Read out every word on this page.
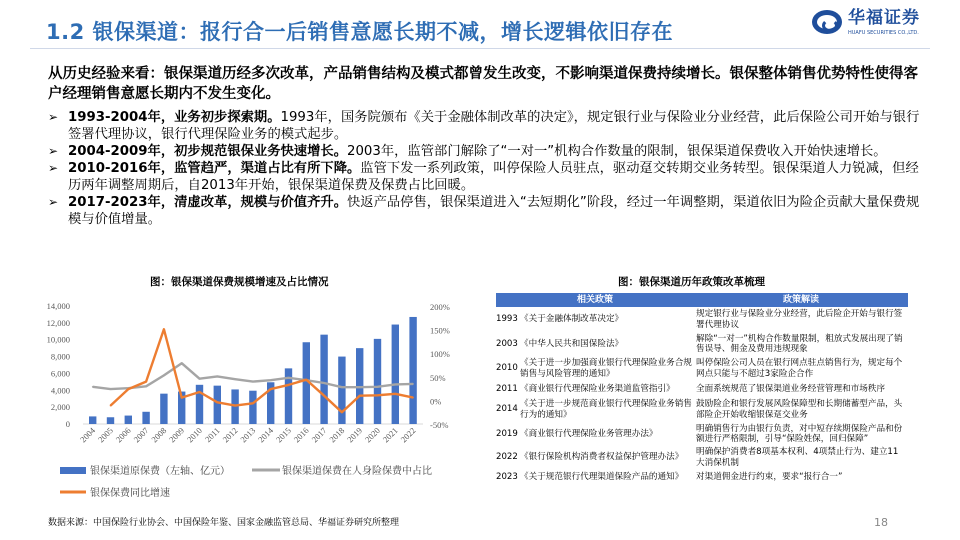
1.2 银保渠道：报行合一后销售意愿长期不减，增长逻辑依旧存在
华福证券
HUAFU SECURITIES CO.,LTD.
从历史经验来看：银保渠道历经多次改革，产品销售结构及模式都曾发生改变，不影响渠道保费持续增长。银保整体销售优势特性使得客户经理销售意愿长期内不发生变化。
➢ 1993-2004年，业务初步探索期。1993年，国务院颁布《关于金融体制改革的决定》，规定银行业与保险业分业经营，此后保险公司开始与银行签署代理协议，银行代理保险业务的模式起步。
➢ 2004-2009年，初步规范银保业务快速增长。2003年，监管部门解除了“一对一”机构合作数量的限制，银保渠道保费收入开始快速增长。
➢ 2010-2016年，监管趋严，渠道占比有所下降。监管下发一系列政策，叫停保险人员驻点，驱动趸交转期交业务转型。银保渠道人力锐减，但经历两年调整周期后，自2013年开始，银保渠道保费及保费占比回暖。
➢ 2017-2023年，清虚改革，规模与价值齐升。快返产品停售，银保渠道进入“去短期化”阶段，经过一年调整期，渠道依旧为险企贡献大量保费规模与价值增量。
图：银保渠道保费规模增速及占比情况	图：银保渠道历年政策改革梳理
0
2,000
4,000
6,000
8,000
10,000
12,000
14,000
-50%
0%
50%
100%
150%
200%
2004
2005
2006
2007
2008
2009
2010
2011
2012
2013
2014
2015
2016
2017
2018
2019
2020
2021
2022
银保渠道原保费（左轴、亿元）	银保渠道保费在人身险保费中占比
银保保费同比增速
相关政策		政策解读
1993	《关于金融体制改革决定》	规定银行业与保险业分业经营，此后险企开始与银行签署代理协议
2003	《中华人民共和国保险法》	解除“一对一”机构合作数量限制，粗放式发展出现了销售误导、佣金及费用违规现象
2010	《关于进一步加强商业银行代理保险业务合规销售与风险管理的通知》	叫停保险公司人员在银行网点驻点销售行为，规定每个网点只能与不超过3家险企合作
2011	《商业银行代理保险业务渠道监管指引》	全面系统规范了银保渠道业务经营管理和市场秩序
2014	《关于进一步规范商业银行代理保险业务销售行为的通知》	鼓励险企和银行发展风险保障型和长期储蓄型产品，头部险企开始收缩银保趸交业务
2019	《商业银行代理保险业务管理办法》	明确销售行为由银行负责，对中短存续期保险产品和份额进行严格限制，引导“保险姓保，回归保障”
2022	《银行保险机构消费者权益保护管理办法》	明确保护消费者8项基本权利、4项禁止行为、建立11大消保机制
2023	《关于规范银行代理渠道保险产品的通知》	对渠道佣金进行约束，要求“报行合一”
数据来源：中国保险行业协会、中国保险年鉴、国家金融监管总局、华福证券研究所整理	18
